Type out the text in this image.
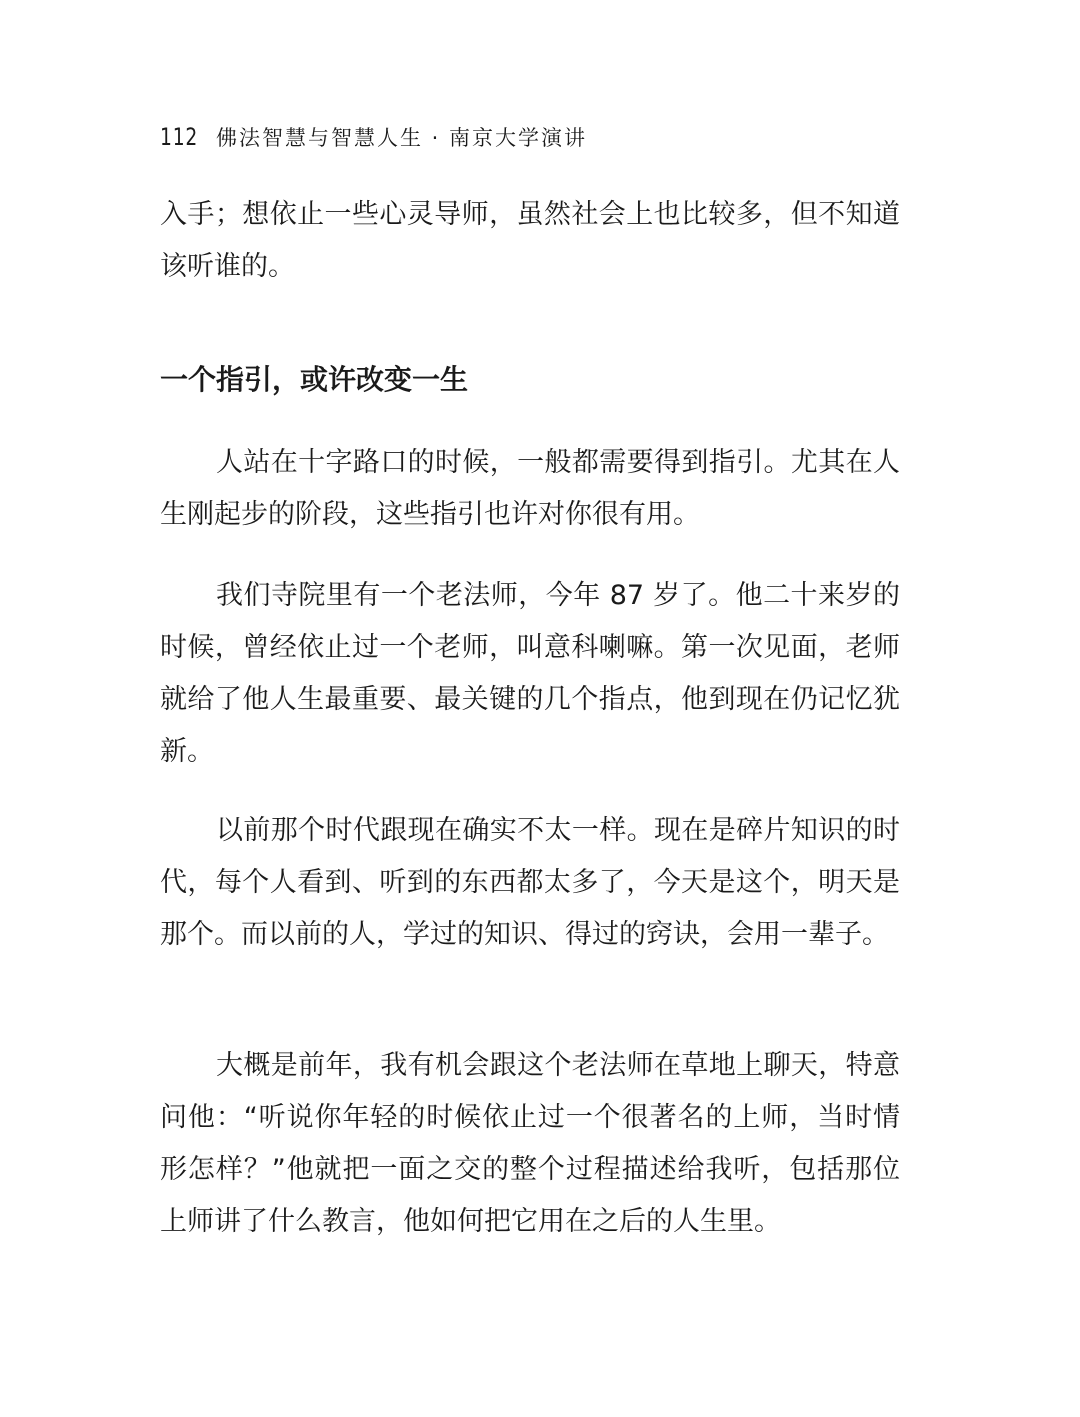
112 佛法智慧与智慧人生 · 南京大学演讲

入手；想依止一些心灵导师，虽然社会上也比较多，但不知道该听谁的。

一个指引，或许改变一生

人站在十字路口的时候，一般都需要得到指引。尤其在人生刚起步的阶段，这些指引也许对你很有用。

我们寺院里有一个老法师，今年 87 岁了。他二十来岁的时候，曾经依止过一个老师，叫意科喇嘛。第一次见面，老师就给了他人生最重要、最关键的几个指点，他到现在仍记忆犹新。

以前那个时代跟现在确实不太一样。现在是碎片知识的时代，每个人看到、听到的东西都太多了，今天是这个，明天是那个。而以前的人，学过的知识、得过的窍诀，会用一辈子。

大概是前年，我有机会跟这个老法师在草地上聊天，特意问他：“听说你年轻的时候依止过一个很著名的上师，当时情形怎样？”他就把一面之交的整个过程描述给我听，包括那位上师讲了什么教言，他如何把它用在之后的人生里。
